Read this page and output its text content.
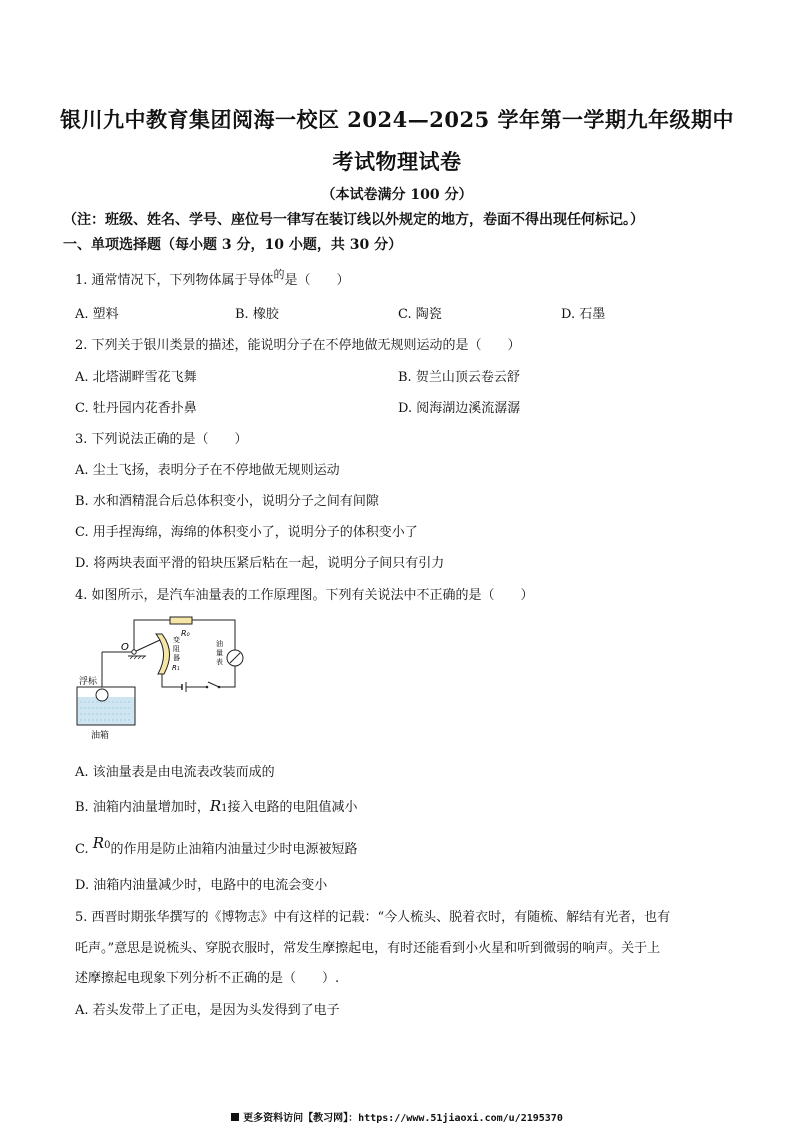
银川九中教育集团阅海一校区 2024—2025 学年第一学期九年级期中
考试物理试卷
（本试卷满分 100 分）
（注：班级、姓名、学号、座位号一律写在装订线以外规定的地方，卷面不得出现任何标记。）
一、单项选择题（每小题 3 分，10 小题，共 30 分）
1. 通常情况下，下列物体属于导体$^的$是（　　）
A. 塑料	B. 橡胶	C. 陶瓷	D. 石墨
2. 下列关于银川类景的描述，能说明分子在不停地做无规则运动的是（　　）
A. 北塔湖畔雪花飞舞	B. 贺兰山顶云卷云舒
C. 牡丹园内花香扑鼻	D. 阅海湖边溪流潺潺
3. 下列说法正确的是（　　）
A. 尘土飞扬，表明分子在不停地做无规则运动
B. 水和酒精混合后总体积变小，说明分子之间有间隙
C. 用手捏海绵，海绵的体积变小了，说明分子的体积变小了
D. 将两块表面平滑的铅块压紧后粘在一起，说明分子间只有引力
4. 如图所示，是汽车油量表的工作原理图。下列有关说法中不正确的是（　　）
O
R₀
变
阻
器
R₁
油
量
表
浮标
油箱
A. 该油量表是由电流表改装而成的
B. 油箱内油量增加时，R1接入电路的电阻值减小
C. $R^0$的作用是防止油箱内油量过少时电源被短路
D. 油箱内油量减少时，电路中的电流会变小
5. 西晋时期张华撰写的《博物志》中有这样的记载：“今人梳头、脱着衣时，有随梳、解结有光者，也有
吒声。”意思是说梳头、穿脱衣服时，常发生摩擦起电，有时还能看到小火星和听到微弱的响声。关于上
述摩擦起电现象下列分析不正确的是（　　）.
A. 若头发带上了正电，是因为头发得到了电子
更多资料访问【教习网】：https://www.51jiaoxi.com/u/2195370
